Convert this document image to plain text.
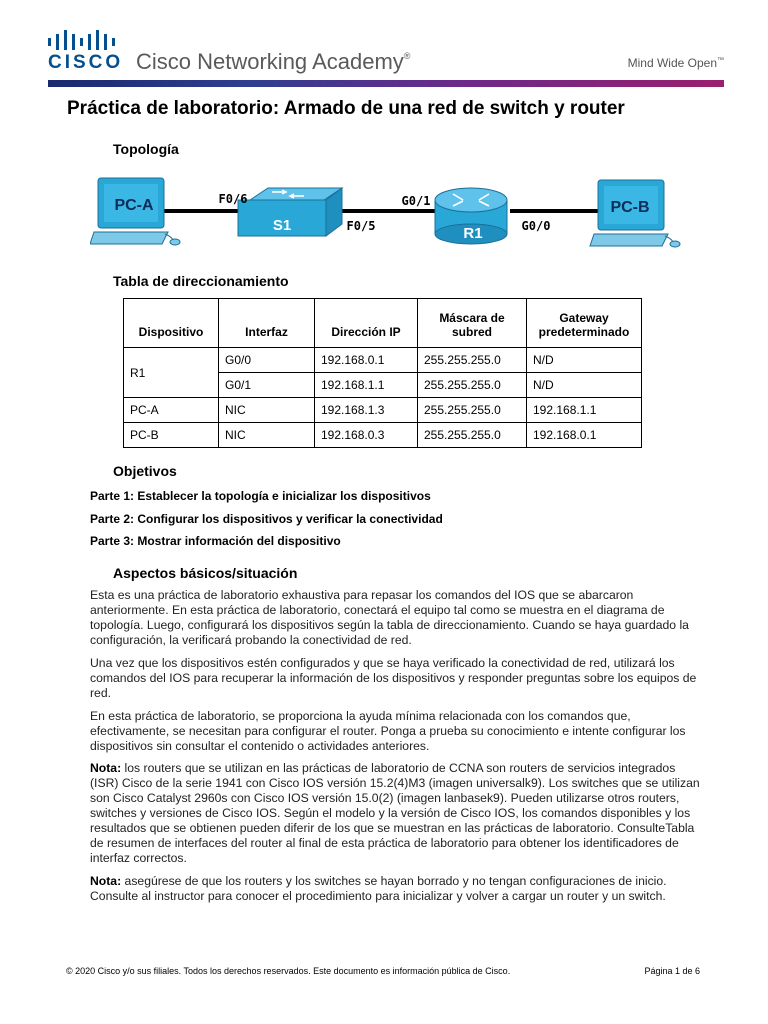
CISCO Cisco Networking Academy®	Mind Wide Open™
Práctica de laboratorio: Armado de una red de switch y router
Topología
PC-A
S1	R1
PC-B
F0/6
F0/5
G0/1
G0/0
Tabla de direccionamiento
Dispositivo	Interfaz	Dirección IP	Máscara de subred	Gateway predeterminado
R1	G0/0	192.168.0.1	255.255.255.0	N/D
	G0/1	192.168.1.1	255.255.255.0	N/D
PC-A	NIC	192.168.1.3	255.255.255.0	192.168.1.1
PC-B	NIC	192.168.0.3	255.255.255.0	192.168.0.1
Objetivos
Parte 1: Establecer la topología e inicializar los dispositivos
Parte 2: Configurar los dispositivos y verificar la conectividad
Parte 3: Mostrar información del dispositivo
Aspectos básicos/situación
Esta es una práctica de laboratorio exhaustiva para repasar los comandos del IOS que se abarcaron anteriormente. En esta práctica de laboratorio, conectará el equipo tal como se muestra en el diagrama de topología. Luego, configurará los dispositivos según la tabla de direccionamiento. Cuando se haya guardado la configuración, la verificará probando la conectividad de red.
Una vez que los dispositivos estén configurados y que se haya verificado la conectividad de red, utilizará los comandos del IOS para recuperar la información de los dispositivos y responder preguntas sobre los equipos de red.
En esta práctica de laboratorio, se proporciona la ayuda mínima relacionada con los comandos que, efectivamente, se necesitan para configurar el router. Ponga a prueba su conocimiento e intente configurar los dispositivos sin consultar el contenido o actividades anteriores.
Nota: los routers que se utilizan en las prácticas de laboratorio de CCNA son routers de servicios integrados (ISR) Cisco de la serie 1941 con Cisco IOS versión 15.2(4)M3 (imagen universalk9). Los switches que se utilizan son Cisco Catalyst 2960s con Cisco IOS versión 15.0(2) (imagen lanbasek9). Pueden utilizarse otros routers, switches y versiones de Cisco IOS. Según el modelo y la versión de Cisco IOS, los comandos disponibles y los resultados que se obtienen pueden diferir de los que se muestran en las prácticas de laboratorio. ConsulteTabla de resumen de interfaces del router al final de esta práctica de laboratorio para obtener los identificadores de interfaz correctos.
Nota: asegúrese de que los routers y los switches se hayan borrado y no tengan configuraciones de inicio. Consulte al instructor para conocer el procedimiento para inicializar y volver a cargar un router y un switch.
© 2020 Cisco y/o sus filiales. Todos los derechos reservados. Este documento es información pública de Cisco.	Página 1 de 6
